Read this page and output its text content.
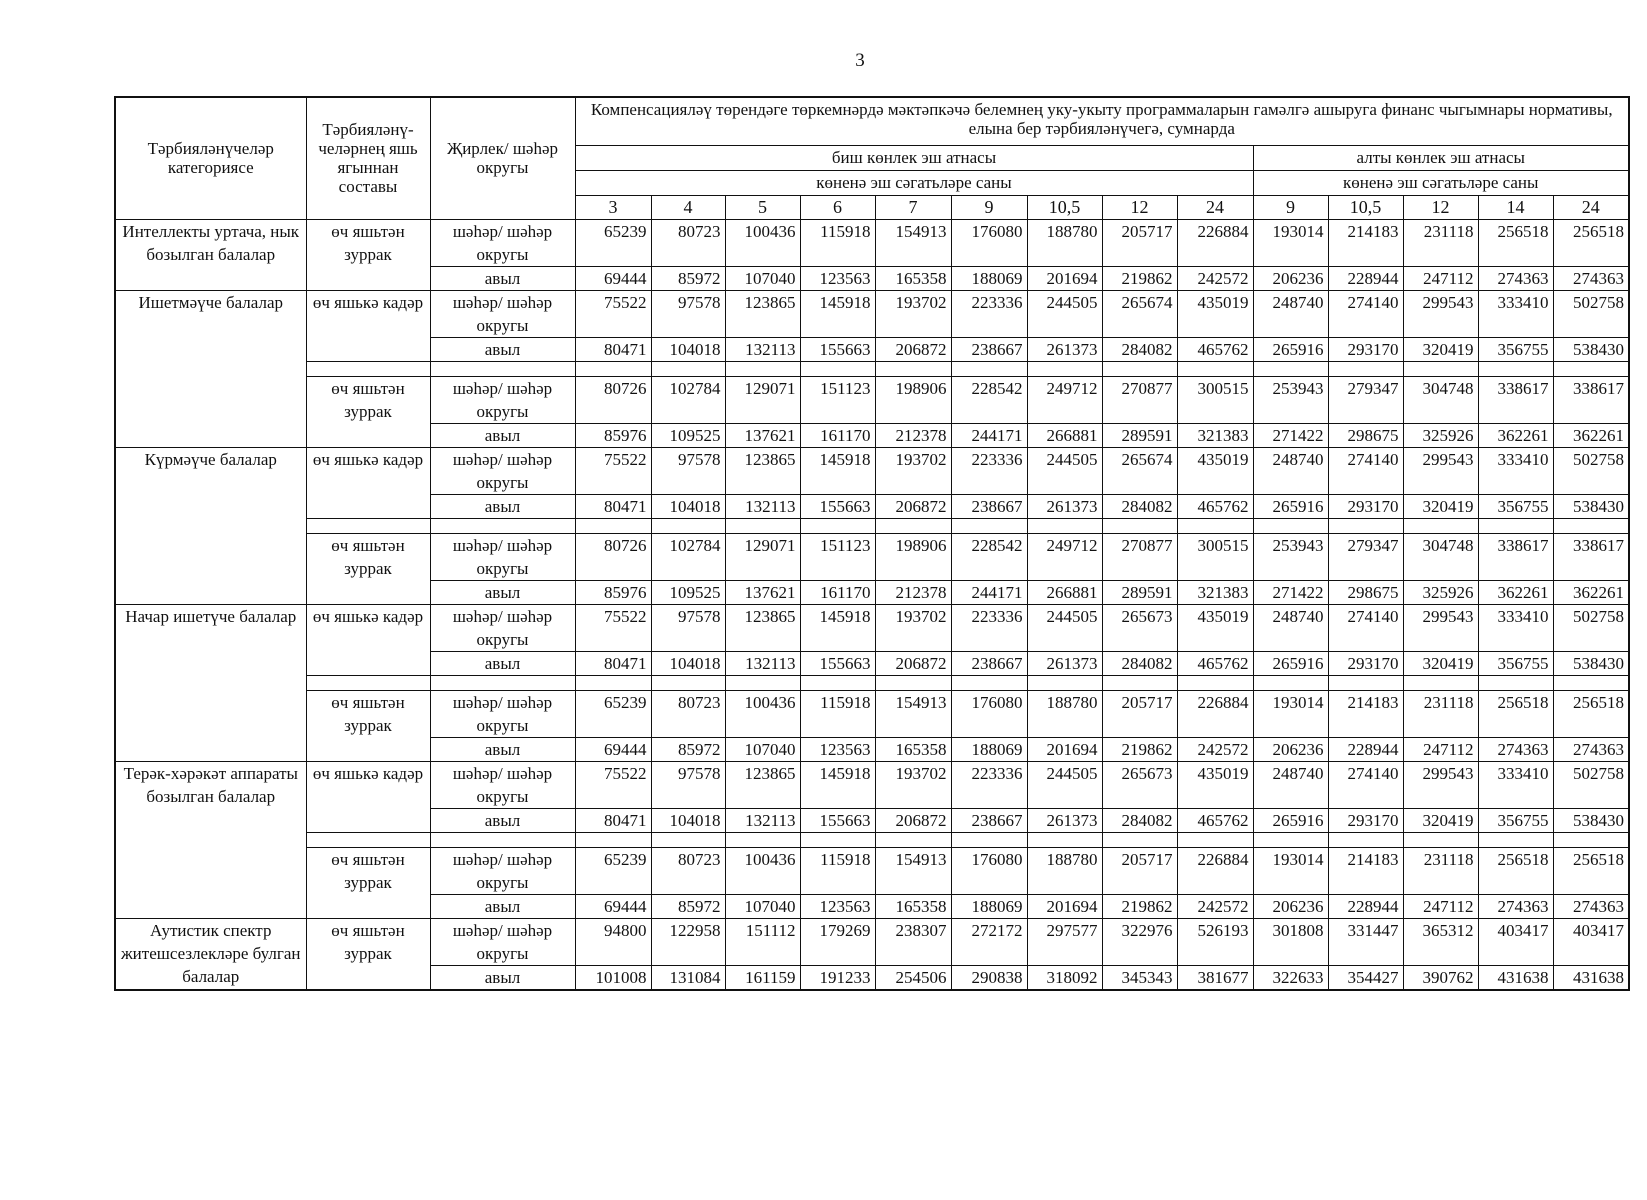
3
Тәрбияләнүчеләр категориясе	Тәрбияләнү-челәрнең яшь ягыннан составы	Җирлек/ шәһәр округы	Компенсацияләү төрендәге төркемнәрдә мәктәпкәчә белемнең уку-укыту программаларын гамәлгә ашыруга финанс чыгымнары нормативы, елына бер тәрбияләнүчегә, сумнарда													
			биш көнлек эш атнасы									алты көнлек эш атнасы				
			көненә эш сәгатьләре саны									көненә эш сәгатьләре саны				
			3	4	5	6	7	9	10,5	12	24	9	10,5	12	14	24
Интеллекты уртача, нык бозылган балалар	өч яшьтән зуррак	шәһәр/ шәһәр округы	65239	80723	100436	115918	154913	176080	188780	205717	226884	193014	214183	231118	256518	256518
		авыл	69444	85972	107040	123563	165358	188069	201694	219862	242572	206236	228944	247112	274363	274363
Ишетмәүче балалар	өч яшькә кадәр	шәһәр/ шәһәр округы	75522	97578	123865	145918	193702	223336	244505	265674	435019	248740	274140	299543	333410	502758
		авыл	80471	104018	132113	155663	206872	238667	261373	284082	465762	265916	293170	320419	356755	538430

	өч яшьтән зуррак	шәһәр/ шәһәр округы	80726	102784	129071	151123	198906	228542	249712	270877	300515	253943	279347	304748	338617	338617
		авыл	85976	109525	137621	161170	212378	244171	266881	289591	321383	271422	298675	325926	362261	362261
Күрмәүче балалар	өч яшькә кадәр	шәһәр/ шәһәр округы	75522	97578	123865	145918	193702	223336	244505	265674	435019	248740	274140	299543	333410	502758
		авыл	80471	104018	132113	155663	206872	238667	261373	284082	465762	265916	293170	320419	356755	538430

	өч яшьтән зуррак	шәһәр/ шәһәр округы	80726	102784	129071	151123	198906	228542	249712	270877	300515	253943	279347	304748	338617	338617
		авыл	85976	109525	137621	161170	212378	244171	266881	289591	321383	271422	298675	325926	362261	362261
Начар ишетүче балалар	өч яшькә кадәр	шәһәр/ шәһәр округы	75522	97578	123865	145918	193702	223336	244505	265673	435019	248740	274140	299543	333410	502758
		авыл	80471	104018	132113	155663	206872	238667	261373	284082	465762	265916	293170	320419	356755	538430

	өч яшьтән зуррак	шәһәр/ шәһәр округы	65239	80723	100436	115918	154913	176080	188780	205717	226884	193014	214183	231118	256518	256518
		авыл	69444	85972	107040	123563	165358	188069	201694	219862	242572	206236	228944	247112	274363	274363
Терәк-хәрәкәт аппараты бозылган балалар	өч яшькә кадәр	шәһәр/ шәһәр округы	75522	97578	123865	145918	193702	223336	244505	265673	435019	248740	274140	299543	333410	502758
		авыл	80471	104018	132113	155663	206872	238667	261373	284082	465762	265916	293170	320419	356755	538430

	өч яшьтән зуррак	шәһәр/ шәһәр округы	65239	80723	100436	115918	154913	176080	188780	205717	226884	193014	214183	231118	256518	256518
		авыл	69444	85972	107040	123563	165358	188069	201694	219862	242572	206236	228944	247112	274363	274363
Аутистик спектр житешсезлекләре булган балалар	өч яшьтән зуррак	шәһәр/ шәһәр округы	94800	122958	151112	179269	238307	272172	297577	322976	526193	301808	331447	365312	403417	403417
		авыл	101008	131084	161159	191233	254506	290838	318092	345343	381677	322633	354427	390762	431638	431638
